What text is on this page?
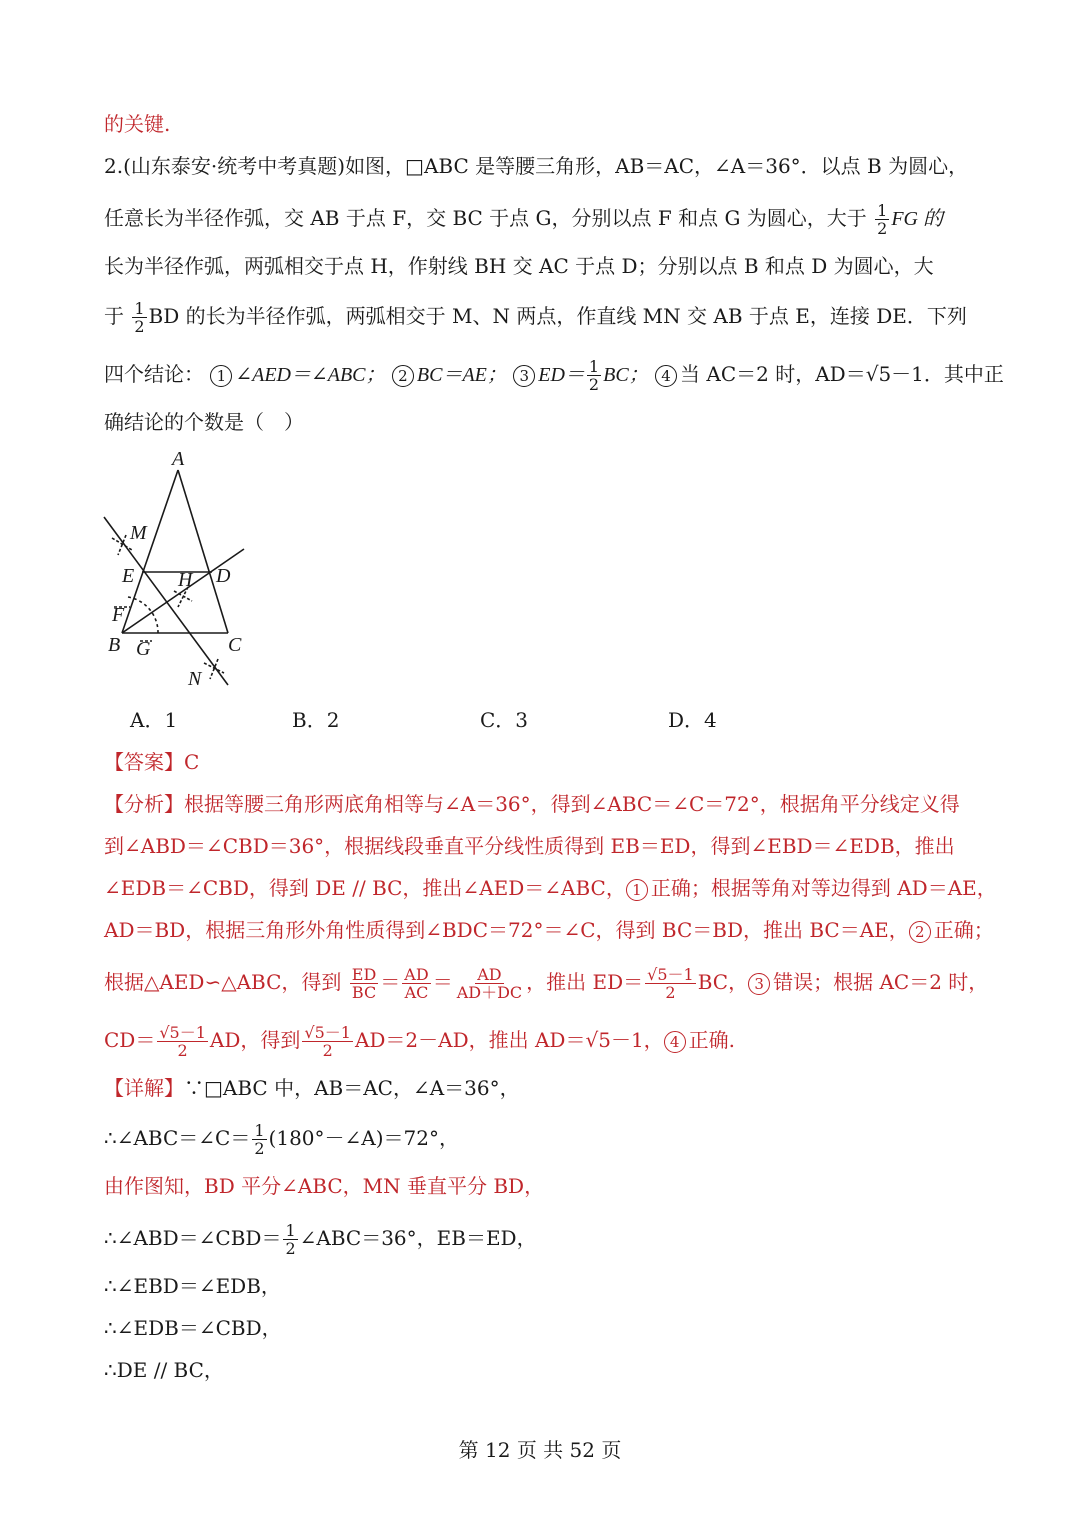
的关键.
2.(山东泰安·统考中考真题)如图，□ABC 是等腰三角形，AB＝AC，∠A＝36°．以点 B 为圆心，
任意长为半径作弧，交 AB 于点 F，交 BC 于点 G，分别以点 F 和点 G 为圆心，大于 $\frac{1}{2}$ FG 的
长为半径作弧，两弧相交于点 H，作射线 BH 交 AC 于点 D；分别以点 B 和点 D 为圆心，大
于 $\frac{1}{2}$ BD 的长为半径作弧，两弧相交于 M、N 两点，作直线 MN 交 AB 于点 E，连接 DE．下列
四个结论： 1 ∠AED＝∠ABC； 2 BC＝AE； 3 $ED= \frac{1}{2}$ BC； 4 当 AC＝2 时，AD＝√5－1．其中正
确结论的个数是（　）
A
M
E H D
F
B G	C
N
A．1	B．2	C．3	D．4
【答案】C
【分析】根据等腰三角形两底角相等与∠A＝36°，得到∠ABC＝∠C＝72°，根据角平分线定义得
到∠ABD＝∠CBD＝36°，根据线段垂直平分线性质得到 EB＝ED，得到∠EBD＝∠EDB，推出
∠EDB＝∠CBD，得到 DE // BC，推出∠AED＝∠ABC， 1 正确；根据等角对等边得到 AD＝AE，
AD＝BD，根据三角形外角性质得到∠BDC＝72°＝∠C，得到 BC＝BD，推出 BC＝AE， 2 正确；
根据△AED∽△ABC，得到 $\frac{ED}{BC} = \frac{AD}{AC} = \frac{AD}{AD+DC}$ ，推出 $ED= \frac{√5-1}{2}$ BC， 3 错误；根据 AC＝2 时，
$CD= \frac{√5-1}{2}$ AD，得到 $\frac{√5-1}{2} AD=2-AD$，推出 AD＝√5－1， 4 正确.
【详解】∵□ABC 中，AB＝AC，∠A＝36°，
∴∠ABC＝∠C＝ $\frac{1}{2}$ (180°－∠A)＝72°，
由作图知，BD 平分∠ABC，MN 垂直平分 BD，
∴∠ABD＝∠CBD＝ $\frac{1}{2}$ ∠ABC＝36°，EB＝ED，
∴∠EBD＝∠EDB，
∴∠EDB＝∠CBD，
∴DE // BC，
第 12 页 共 52 页
